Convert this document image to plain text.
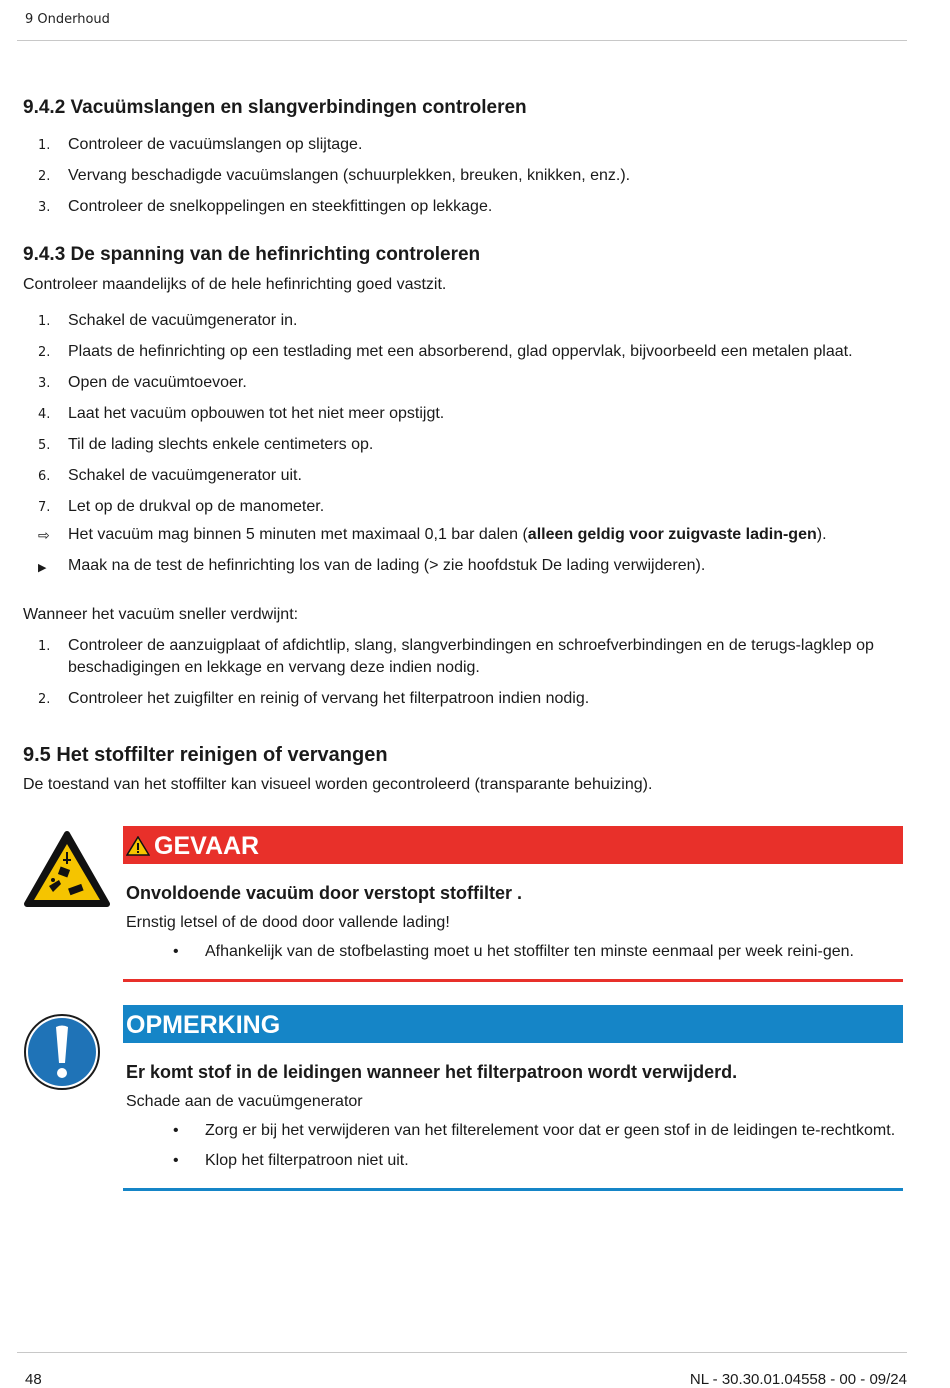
9 Onderhoud
9.4.2 Vacuümslangen en slangverbindingen controleren
1. Controleer de vacuümslangen op slijtage.
2. Vervang beschadigde vacuümslangen (schuurplekken, breuken, knikken, enz.).
3. Controleer de snelkoppelingen en steekfittingen op lekkage.
9.4.3 De spanning van de hefinrichting controleren

Controleer maandelijks of de hele hefinrichting goed vastzit.

1. Schakel de vacuümgenerator in.
2. Plaats de hefinrichting op een testlading met een absorberend, glad oppervlak, bijvoorbeeld een metalen plaat.
3. Open de vacuümtoevoer.
4. Laat het vacuüm opbouwen tot het niet meer opstijgt.
5. Til de lading slechts enkele centimeters op.
6. Schakel de vacuümgenerator uit.
7. Let op de drukval op de manometer.
⇨ Het vacuüm mag binnen 5 minuten met maximaal 0,1 bar dalen (alleen geldig voor zuigvaste ladin-gen).
▶ Maak na de test de hefinrichting los van de lading (> zie hoofdstuk De lading verwijderen).

Wanneer het vacuüm sneller verdwijnt:

1. Controleer de aanzuigplaat of afdichtlip, slang, slangverbindingen en schroefverbindingen en de terugs-lagklep op beschadigingen en lekkage en vervang deze indien nodig.
2. Controleer het zuigfilter en reinig of vervang het filterpatroon indien nodig.
9.5 Het stoffilter reinigen of vervangen

De toestand van het stoffilter kan visueel worden gecontroleerd (transparante behuizing).

GEVAAR
Onvoldoende vacuüm door verstopt stoffilter .
Ernstig letsel of de dood door vallende lading!
• Afhankelijk van de stofbelasting moet u het stoffilter ten minste eenmaal per week reini-gen.
OPMERKING
Er komt stof in de leidingen wanneer het filterpatroon wordt verwijderd.
Schade aan de vacuümgenerator
• Zorg er bij het verwijderen van het filterelement voor dat er geen stof in de leidingen te-rechtkomt.
• Klop het filterpatroon niet uit.
48	NL - 30.30.01.04558 - 00 - 09/24
